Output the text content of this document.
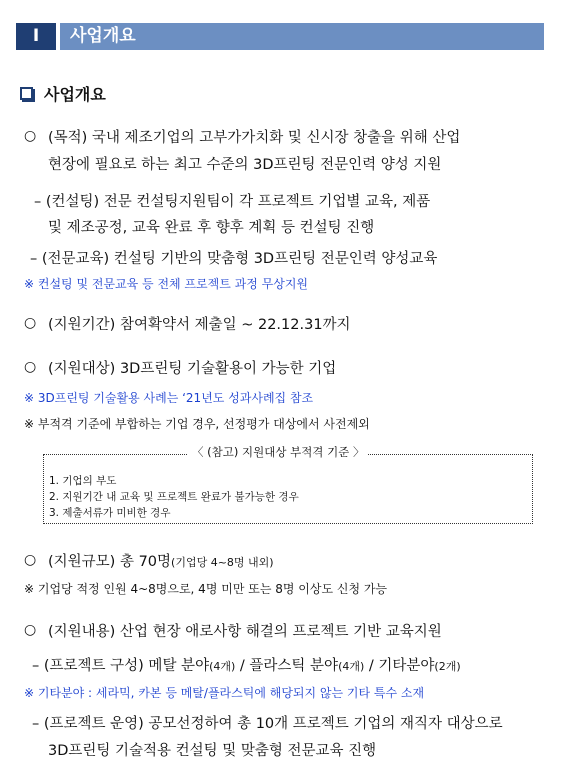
I	사업개요
사업개요
○ (목적) 국내 제조기업의 고부가가치화 및 신시장 창출을 위해 산업
현장에 필요로 하는 최고 수준의 3D프린팅 전문인력 양성 지원
– (컨설팅) 전문 컨설팅지원팀이 각 프로젝트 기업별 교육, 제품
및 제조공정, 교육 완료 후 향후 계획 등 컨설팅 진행
– (전문교육) 컨설팅 기반의 맞춤형 3D프린팅 전문인력 양성교육
※ 컨설팅 및 전문교육 등 전체 프로젝트 과정 무상지원
○ (지원기간) 참여확약서 제출일 ~ 22.12.31까지
○ (지원대상) 3D프린팅 기술활용이 가능한 기업
※ 3D프린팅 기술활용 사례는 ‘21년도 성과사례집 참조
※ 부적격 기준에 부합하는 기업 경우, 선정평가 대상에서 사전제외
〈 (참고) 지원대상 부적격 기준 〉
1. 기업의 부도
2. 지원기간 내 교육 및 프로젝트 완료가 불가능한 경우
3. 제출서류가 미비한 경우
○ (지원규모) 총 70명(기업당 4~8명 내외)
※ 기업당 적정 인원 4~8명으로, 4명 미만 또는 8명 이상도 신청 가능
○ (지원내용) 산업 현장 애로사항 해결의 프로젝트 기반 교육지원
– (프로젝트 구성) 메탈 분야(4개) / 플라스틱 분야(4개) / 기타분야(2개)
※ 기타분야 : 세라믹, 카본 등 메탈/플라스틱에 해당되지 않는 기타 특수 소재
– (프로젝트 운영) 공모선정하여 총 10개 프로젝트 기업의 재직자 대상으로
3D프린팅 기술적용 컨설팅 및 맞춤형 전문교육 진행
